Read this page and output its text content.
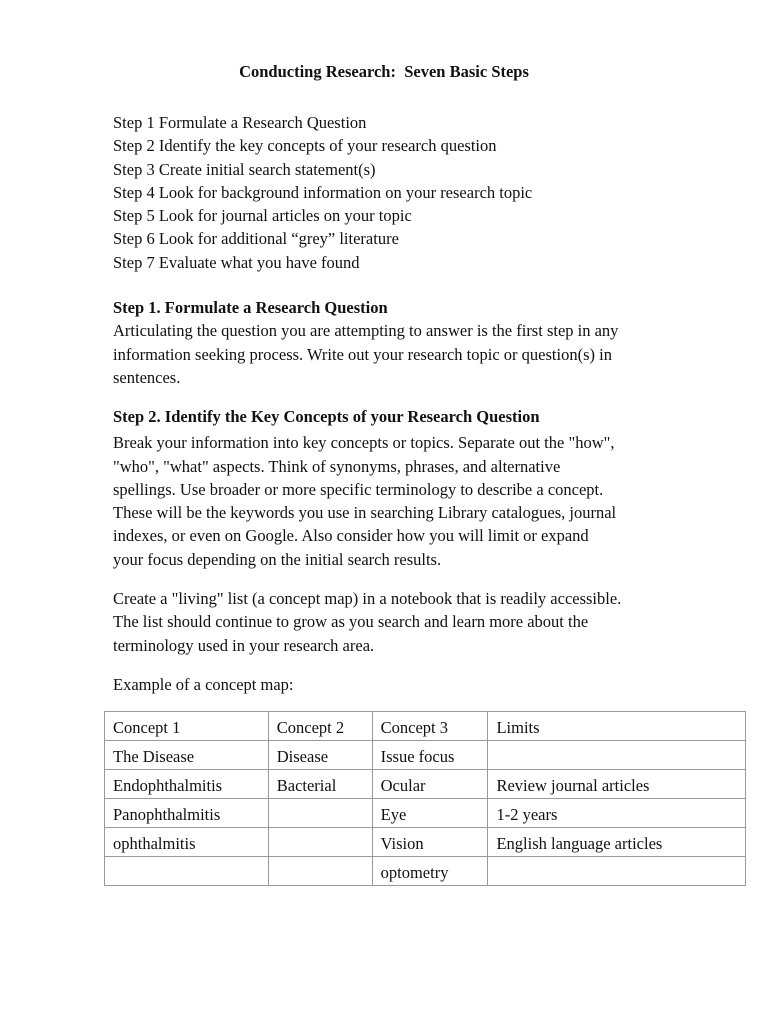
Conducting Research:  Seven Basic Steps
Step 1 Formulate a Research Question
Step 2 Identify the key concepts of your research question
Step 3 Create initial search statement(s)
Step 4 Look for background information on your research topic
Step 5 Look for journal articles on your topic
Step 6 Look for additional “grey” literature
Step 7 Evaluate what you have found
Step 1. Formulate a Research Question

Articulating the question you are attempting to answer is the first step in any
information seeking process. Write out your research topic or question(s) in
sentences.

Step 2. Identify the Key Concepts of your Research Question

Break your information into key concepts or topics. Separate out the "how",
"who", "what" aspects. Think of synonyms, phrases, and alternative
spellings. Use broader or more specific terminology to describe a concept.
These will be the keywords you use in searching Library catalogues, journal
indexes, or even on Google. Also consider how you will limit or expand
your focus depending on the initial search results.

Create a "living" list (a concept map) in a notebook that is readily accessible.
The list should continue to grow as you search and learn more about the
terminology used in your research area.

Example of a concept map:

Concept 1	Concept 2	Concept 3	Limits
The Disease	Disease	Issue focus	
Endophthalmitis	Bacterial	Ocular	Review journal articles
Panophthalmitis		Eye	1-2 years
ophthalmitis		Vision	English language articles
		optometry	
